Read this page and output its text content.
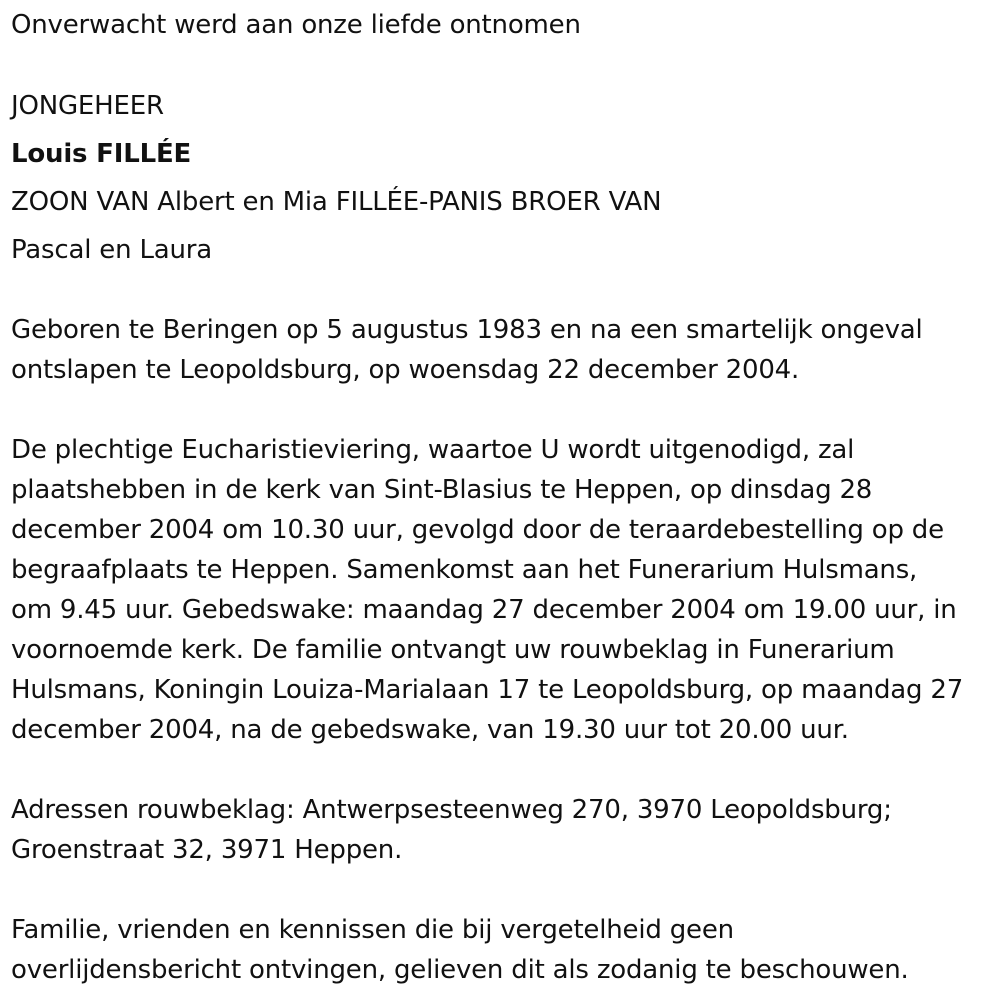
Onverwacht werd aan onze liefde ontnomen
JONGEHEER
Louis FILLÉE
ZOON VAN Albert en Mia FILLÉE-PANIS BROER VAN
Pascal en Laura
Geboren te Beringen op 5 augustus 1983 en na een smartelijk ongeval
ontslapen te Leopoldsburg, op woensdag 22 december 2004.
De plechtige Eucharistieviering, waartoe U wordt uitgenodigd, zal
plaatshebben in de kerk van Sint-Blasius te Heppen, op dinsdag 28
december 2004 om 10.30 uur, gevolgd door de teraardebestelling op de
begraafplaats te Heppen. Samenkomst aan het Funerarium Hulsmans,
om 9.45 uur. Gebedswake: maandag 27 december 2004 om 19.00 uur, in
voornoemde kerk. De familie ontvangt uw rouwbeklag in Funerarium
Hulsmans, Koningin Louiza-Marialaan 17 te Leopoldsburg, op maandag 27
december 2004, na de gebedswake, van 19.30 uur tot 20.00 uur.
Adressen rouwbeklag: Antwerpsesteenweg 270, 3970 Leopoldsburg;
Groenstraat 32, 3971 Heppen.
Familie, vrienden en kennissen die bij vergetelheid geen
overlijdensbericht ontvingen, gelieven dit als zodanig te beschouwen.
